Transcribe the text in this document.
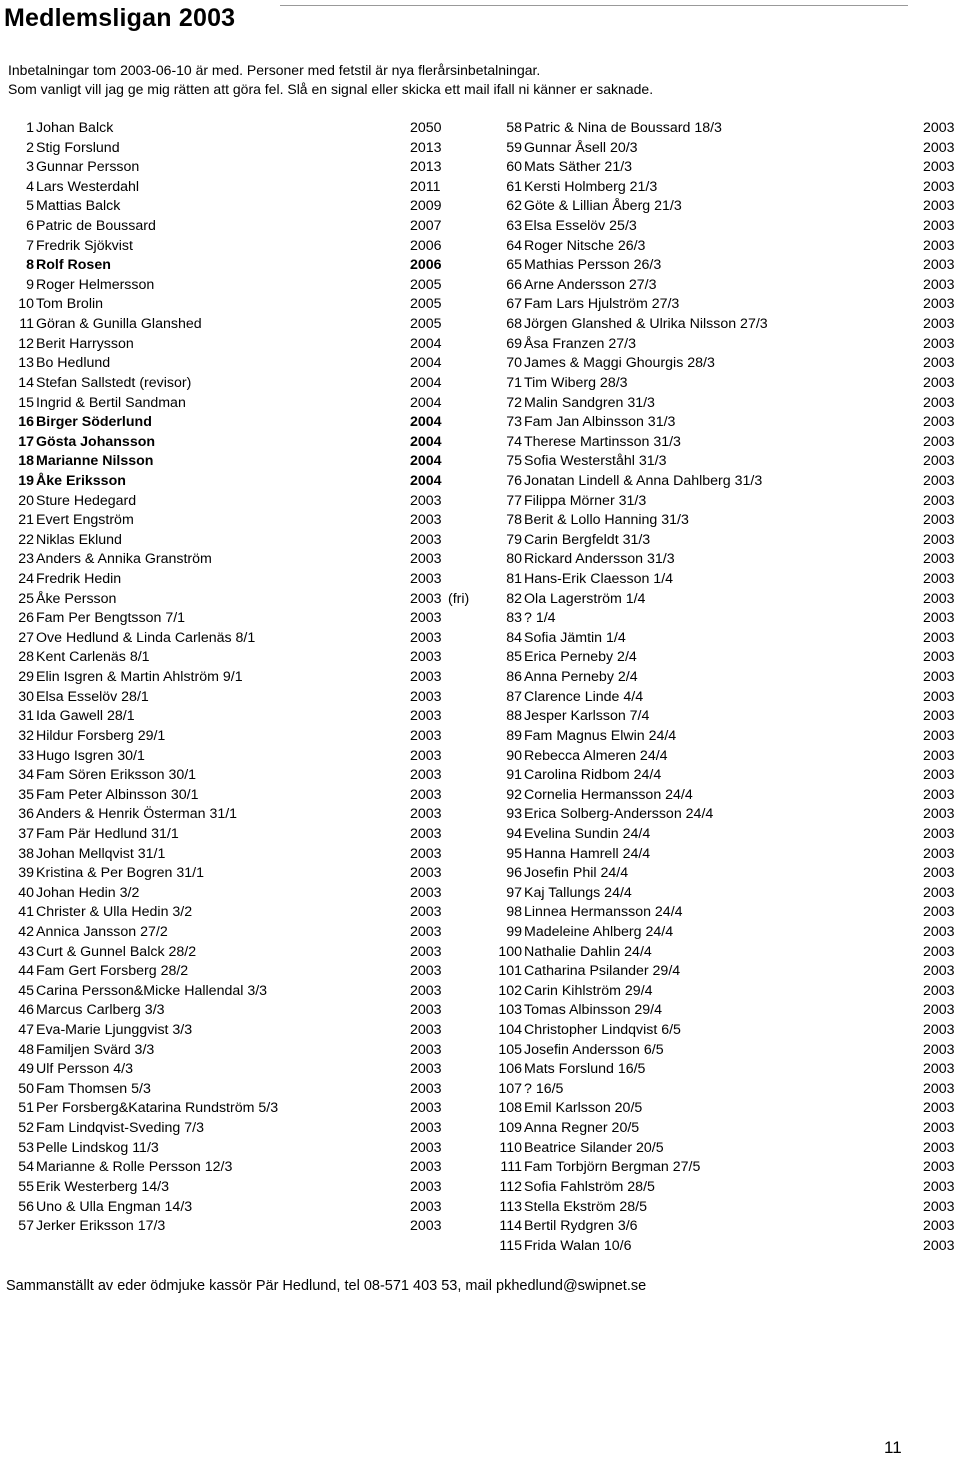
Medlemsligan 2003
Inbetalningar tom 2003-06-10 är med. Personer med fetstil är nya flerårsinbetalningar.
Som vanligt vill jag ge mig rätten att göra fel. Slå en signal eller skicka ett mail ifall ni känner er saknade.
1 Johan Balck	2050
2 Stig Forslund	2013
3 Gunnar Persson	2013
4 Lars Westerdahl	2011
5 Mattias Balck	2009
6 Patric de Boussard	2007
7 Fredrik Sjökvist	2006
8 Rolf Rosen	2006
9 Roger Helmersson	2005
10 Tom Brolin	2005
11 Göran & Gunilla Glanshed	2005
12 Berit Harrysson	2004
13 Bo Hedlund	2004
14 Stefan Sallstedt (revisor)	2004
15 Ingrid & Bertil Sandman	2004
16 Birger Söderlund	2004
17 Gösta Johansson	2004
18 Marianne Nilsson	2004
19 Åke Eriksson	2004
20 Sture Hedegard	2003
21 Evert Engström	2003
22 Niklas Eklund	2003
23 Anders & Annika Granström	2003
24 Fredrik Hedin	2003
25 Åke Persson	2003 (fri)
26 Fam Per Bengtsson 7/1	2003
27 Ove Hedlund & Linda Carlenäs 8/1	2003
28 Kent Carlenäs 8/1	2003
29 Elin Isgren & Martin Ahlström 9/1	2003
30 Elsa Esselöv 28/1	2003
31 Ida Gawell 28/1	2003
32 Hildur Forsberg 29/1	2003
33 Hugo Isgren 30/1	2003
34 Fam Sören Eriksson 30/1	2003
35 Fam Peter Albinsson 30/1	2003
36 Anders & Henrik Österman 31/1	2003
37 Fam Pär Hedlund 31/1	2003
38 Johan Mellqvist 31/1	2003
39 Kristina & Per Bogren 31/1	2003
40 Johan Hedin 3/2	2003
41 Christer & Ulla Hedin 3/2	2003
42 Annica Jansson 27/2	2003
43 Curt & Gunnel Balck 28/2	2003
44 Fam Gert Forsberg 28/2	2003
45 Carina Persson&Micke Hallendal 3/3	2003
46 Marcus Carlberg 3/3	2003
47 Eva-Marie Ljunggvist 3/3	2003
48 Familjen Svärd 3/3	2003
49 Ulf Persson 4/3	2003
50 Fam Thomsen 5/3	2003
51 Per Forsberg&Katarina Rundström 5/3	2003
52 Fam Lindqvist-Sveding 7/3	2003
53 Pelle Lindskog 11/3	2003
54 Marianne & Rolle Persson 12/3	2003
55 Erik Westerberg 14/3	2003
56 Uno & Ulla Engman 14/3	2003
57 Jerker Eriksson 17/3	2003
58 Patric & Nina de Boussard 18/3	2003
59 Gunnar Åsell 20/3	2003
60 Mats Säther 21/3	2003
61 Kersti Holmberg 21/3	2003
62 Göte & Lillian Åberg 21/3	2003
63 Elsa Esselöv 25/3	2003
64 Roger Nitsche 26/3	2003
65 Mathias Persson 26/3	2003
66 Arne Andersson 27/3	2003
67 Fam Lars Hjulström 27/3	2003
68 Jörgen Glanshed & Ulrika Nilsson 27/3	2003
69 Åsa Franzen 27/3	2003
70 James & Maggi Ghourgis 28/3	2003
71 Tim Wiberg 28/3	2003
72 Malin Sandgren 31/3	2003
73 Fam Jan Albinsson 31/3	2003
74 Therese Martinsson 31/3	2003
75 Sofia Westerståhl 31/3	2003
76 Jonatan Lindell & Anna Dahlberg 31/3	2003
77 Filippa Mörner 31/3	2003
78 Berit & Lollo Hanning 31/3	2003
79 Carin Bergfeldt 31/3	2003
80 Rickard Andersson 31/3	2003
81 Hans-Erik Claesson 1/4	2003
82 Ola Lagerström 1/4	2003
83 ? 1/4	2003
84 Sofia Jämtin 1/4	2003
85 Erica Perneby 2/4	2003
86 Anna Perneby 2/4	2003
87 Clarence Linde 4/4	2003
88 Jesper Karlsson 7/4	2003
89 Fam Magnus Elwin 24/4	2003
90 Rebecca Almeren 24/4	2003
91 Carolina Ridbom 24/4	2003
92 Cornelia Hermansson 24/4	2003
93 Erica Solberg-Andersson 24/4	2003
94 Evelina Sundin 24/4	2003
95 Hanna Hamrell 24/4	2003
96 Josefin Phil 24/4	2003
97 Kaj Tallungs 24/4	2003
98 Linnea Hermansson 24/4	2003
99 Madeleine Ahlberg 24/4	2003
100 Nathalie Dahlin 24/4	2003
101 Catharina Psilander 29/4	2003
102 Carin Kihlström 29/4	2003
103 Tomas Albinsson 29/4	2003
104 Christopher Lindqvist 6/5	2003
105 Josefin Andersson 6/5	2003
106 Mats Forslund 16/5	2003
107 ? 16/5	2003
108 Emil Karlsson 20/5	2003
109 Anna Regner 20/5	2003
110 Beatrice Silander 20/5	2003
111 Fam Torbjörn Bergman 27/5	2003
112 Sofia Fahlström 28/5	2003
113 Stella Ekström 28/5	2003
114 Bertil Rydgren 3/6	2003
115 Frida Walan 10/6	2003
Sammanställt av eder ödmjuke kassör Pär Hedlund, tel 08-571 403 53, mail pkhedlund@swipnet.se
11
